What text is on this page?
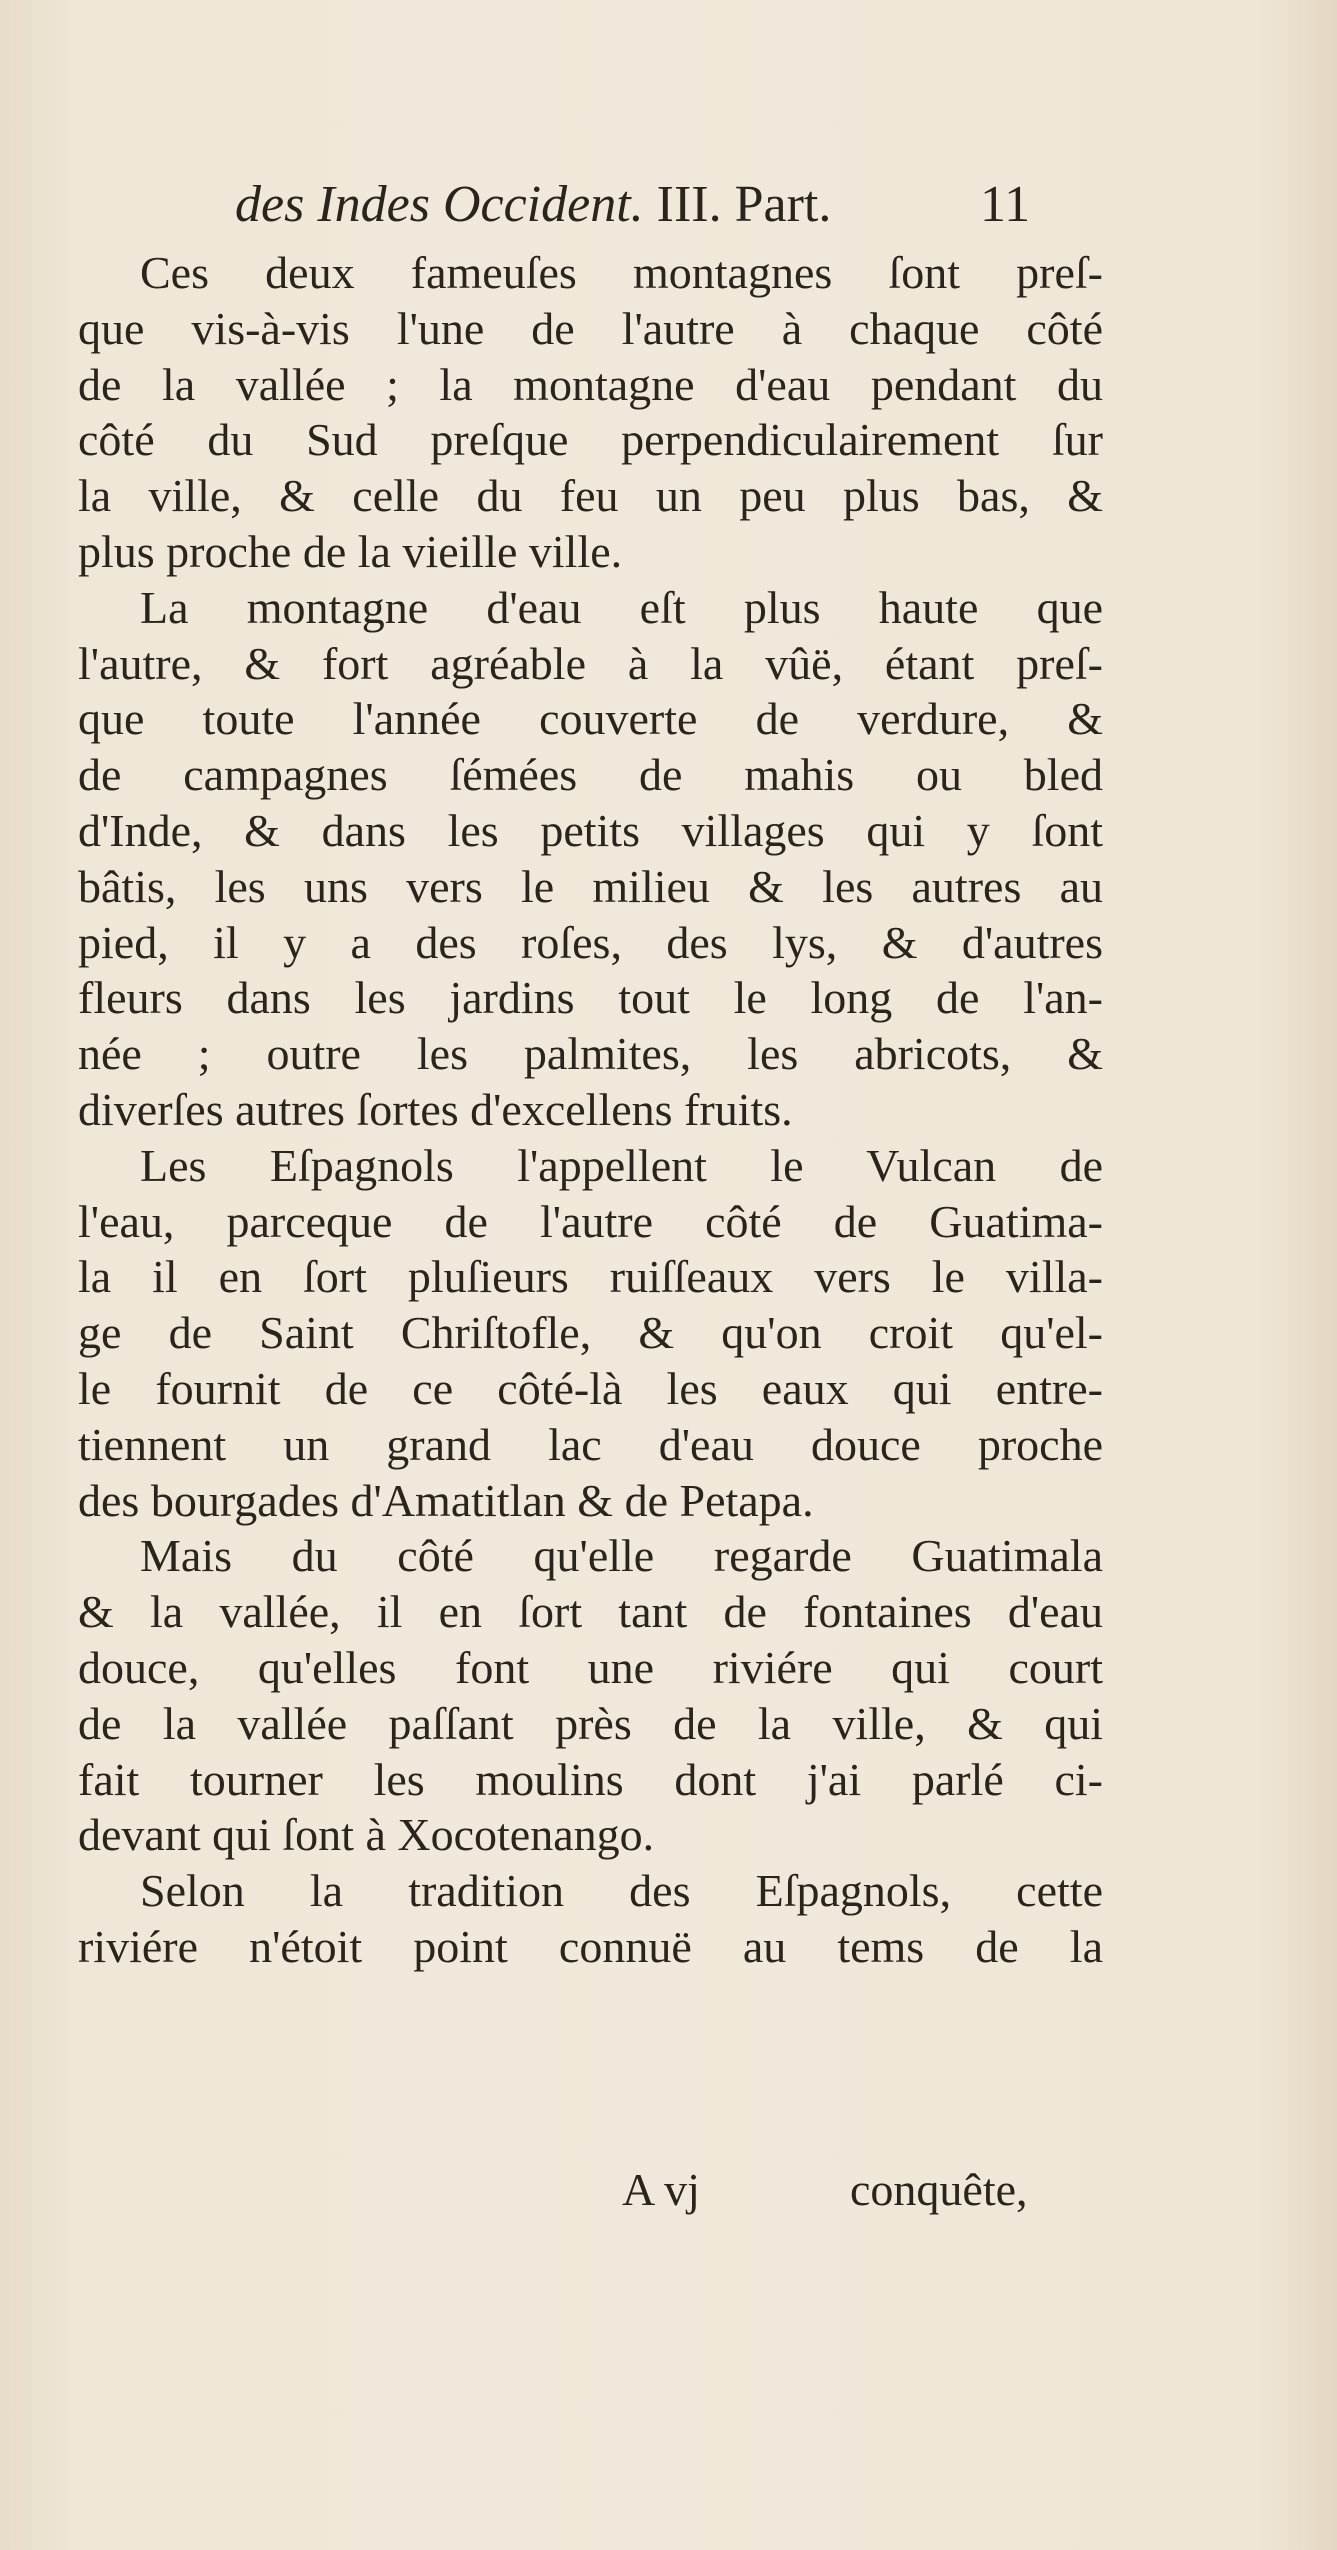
des Indes Occident. III. Part.	11
Ces deux fameuſes montagnes ſont preſ-
que vis-à-vis l'une de l'autre à chaque côté
de la vallée ; la montagne d'eau pendant du
côté du Sud preſque perpendiculairement ſur
la ville, & celle du feu un peu plus bas, &
plus proche de la vieille ville.
La montagne d'eau eſt plus haute que
l'autre, & fort agréable à la vûë, étant preſ-
que toute l'année couverte de verdure, &
de campagnes ſémées de mahis ou bled
d'Inde, & dans les petits villages qui y ſont
bâtis, les uns vers le milieu & les autres au
pied, il y a des roſes, des lys, & d'autres
fleurs dans les jardins tout le long de l'an-
née ; outre les palmites, les abricots, &
diverſes autres ſortes d'excellens fruits.
Les Eſpagnols l'appellent le Vulcan de
l'eau, parceque de l'autre côté de Guatima-
la il en ſort pluſieurs ruiſſeaux vers le villa-
ge de Saint Chriſtofle, & qu'on croit qu'el-
le fournit de ce côté-là les eaux qui entre-
tiennent un grand lac d'eau douce proche
des bourgades d'Amatitlan & de Petapa.
Mais du côté qu'elle regarde Guatimala
& la vallée, il en ſort tant de fontaines d'eau
douce, qu'elles font une riviére qui court
de la vallée paſſant près de la ville, & qui
fait tourner les moulins dont j'ai parlé ci-
devant qui ſont à Xocotenango.
Selon la tradition des Eſpagnols, cette
riviére n'étoit point connuë au tems de la
A vj	conquête,
